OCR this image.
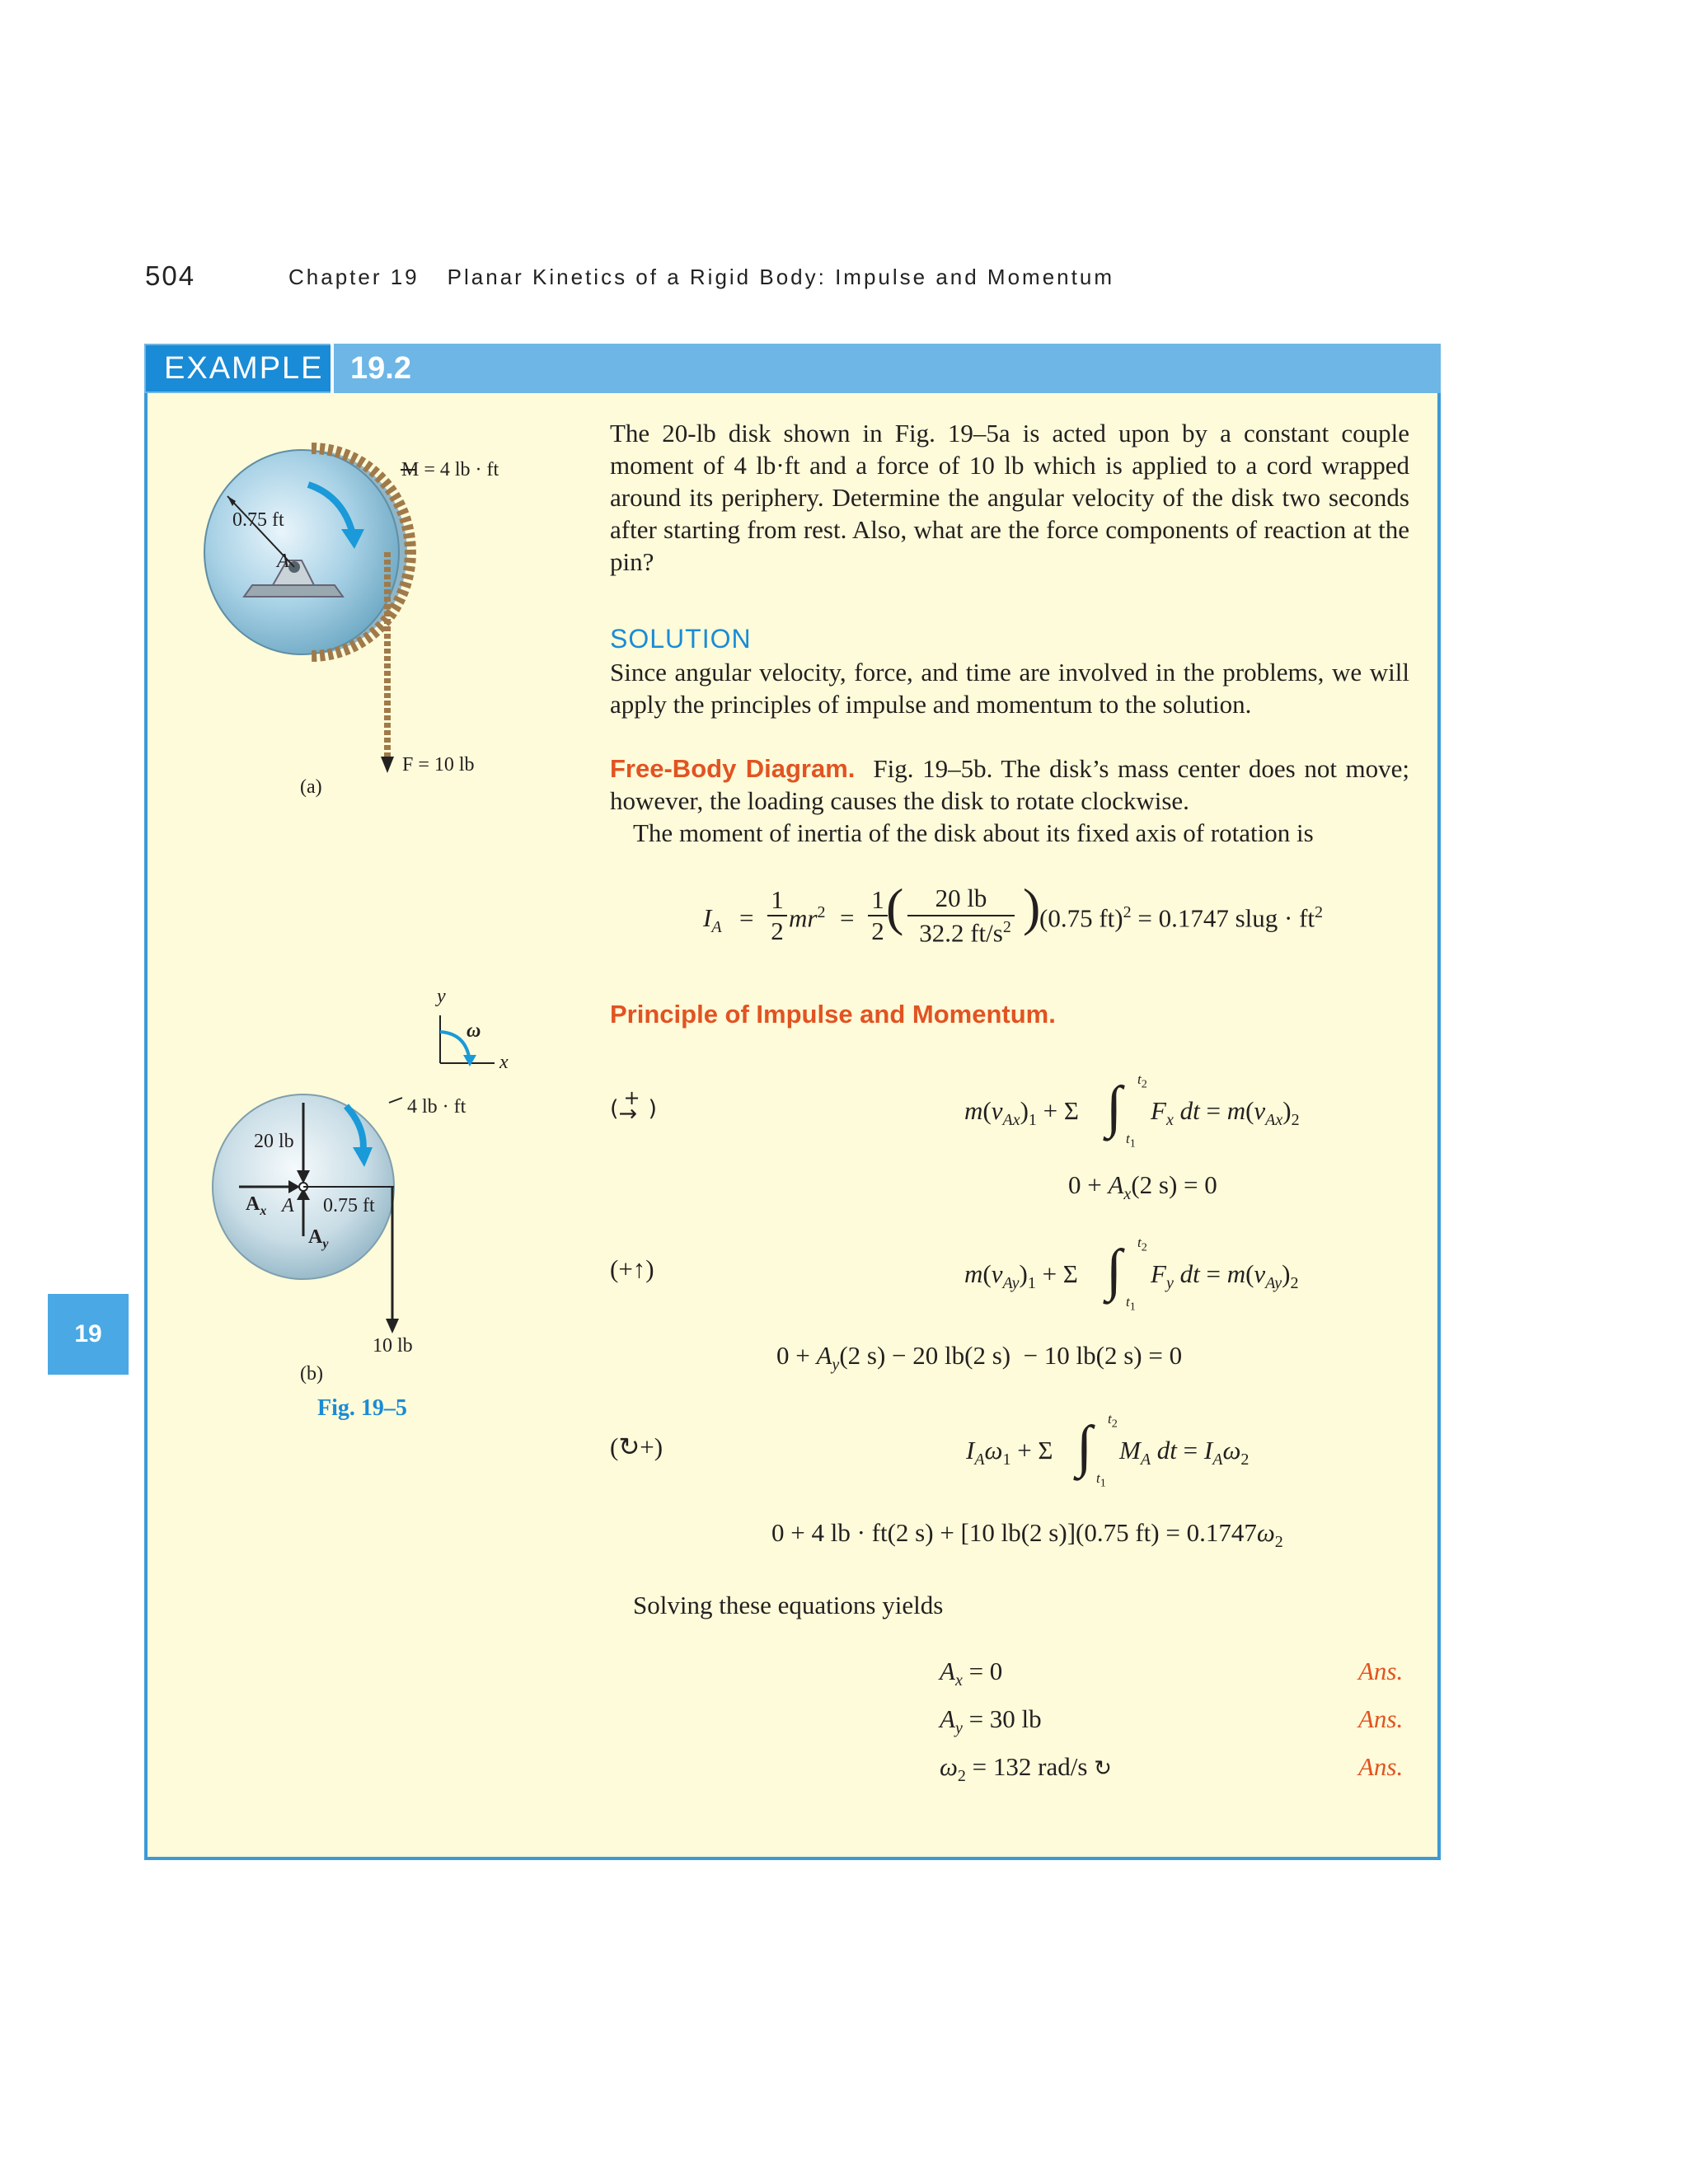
504	Chapter 19 Planar Kinetics of a Rigid Body: Impulse and Momentum
EXAMPLE 19.2
19
The 20-lb disk shown in Fig. 19–5a is acted upon by a constant couple moment of 4 lb·ft and a force of 10 lb which is applied to a cord wrapped around its periphery. Determine the angular velocity of the disk two seconds after starting from rest. Also, what are the force components of reaction at the pin?
SOLUTION
Since angular velocity, force, and time are involved in the problems, we will apply the principles of impulse and momentum to the solution.
Free-Body Diagram. Fig. 19–5b. The disk’s mass center does not move; however, the loading causes the disk to rotate clockwise.
The moment of inertia of the disk about its fixed axis of rotation is
$I_A$ =
1
2 $mr^2$ =
1
2 (	20 lb
32.2 $ft/s^2$ )
(0.75 ft)$^2$ = 0.1747 slug · $ft^2$
Principle of Impulse and Momentum.
( +
→ )	$m(v_{Ax})_1 + \Sigma$ ∫ $t_2$
$t_1$
$F_x$ dt = $m(v_{Ax})_2$
$0 + A_x(2$ s) = 0
(+↑)	$m(v_{Ay})_1 + \Sigma$ ∫ $t_2$
$t_1$
$F_y$ dt = $m(v_{Ay})_2$
$0 + A_y(2$ s) − 20 lb(2 s)  − 10 lb(2 s) = 0
(↻+)	$I_A\omega_1 + \Sigma$ ∫ $t_2$
$t_1$
$M_A$ dt = $I_A\omega_2$
0 + 4 lb · ft(2 s) + [10 lb(2 s)](0.75 $ft) = 0.1747\omega_2$
Solving these equations yields
$A_x = 0$	Ans.
$A_y = 30$ lb	Ans.
$\omega_2 = 132$ rad/s ↻	Ans.
M = 4 lb · ft
0.75 ft
A
F = 10 lb
(a)
y
x
ω
4 lb · ft
20 lb
$A_x$ A 0.75 ft
$A_y$
10 lb
(b)
Fig. 19–5
